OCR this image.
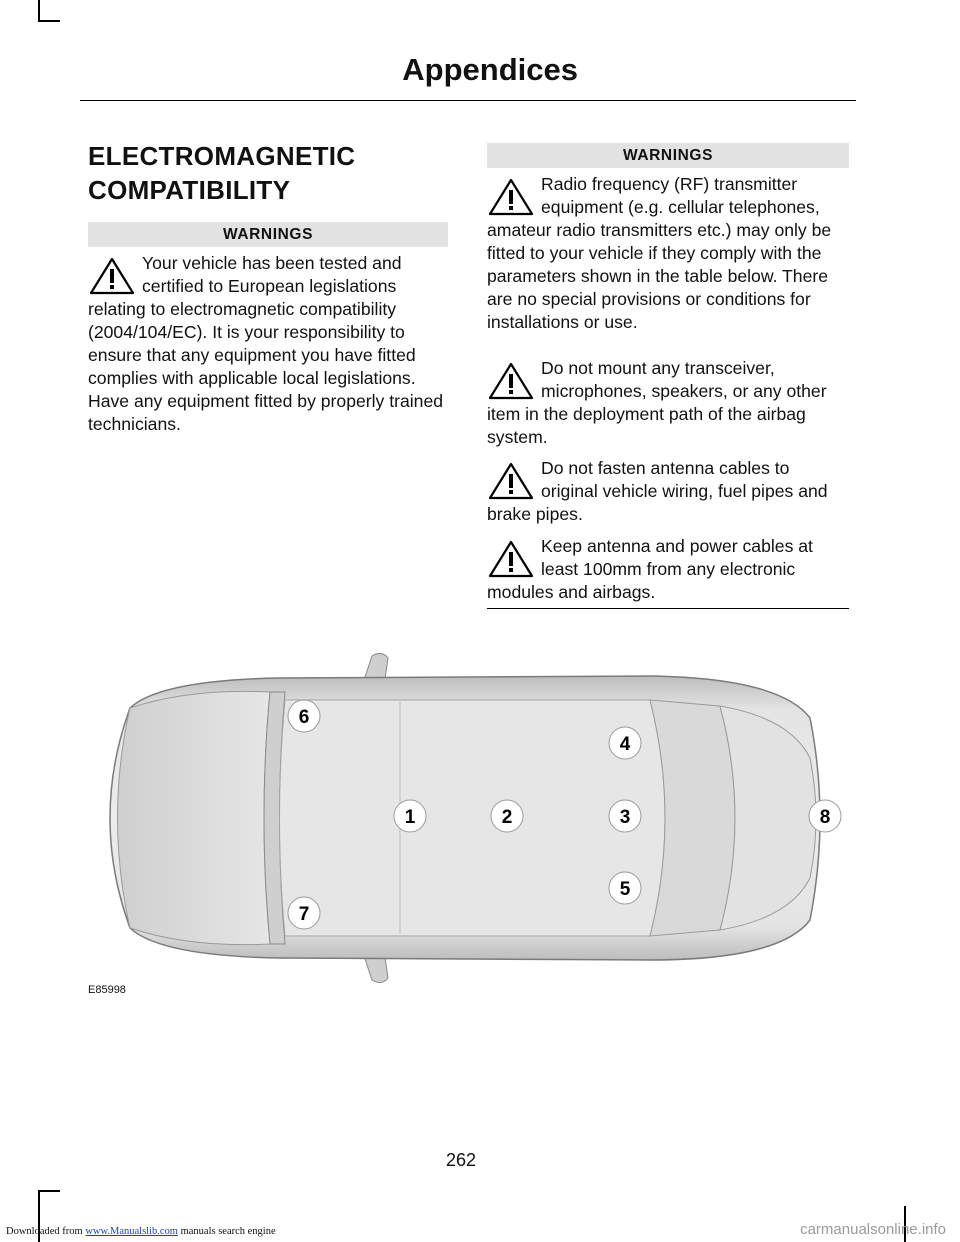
Appendices
ELECTROMAGNETIC
COMPATIBILITY
WARNINGS

Your vehicle has been tested and certified to European legislations relating to electromagnetic compatibility (2004/104/EC). It is your responsibility to ensure that any equipment you have fitted complies with applicable local legislations. Have any equipment fitted by properly trained technicians.

WARNINGS

Radio frequency (RF) transmitter equipment (e.g. cellular telephones, amateur radio transmitters etc.) may only be fitted to your vehicle if they comply with the parameters shown in the table below. There are no special provisions or conditions for installations or use.

Do not mount any transceiver, microphones, speakers, or any other item in the deployment path of the airbag system.

Do not fasten antenna cables to original vehicle wiring, fuel pipes and brake pipes.

Keep antenna and power cables at least 100mm from any electronic modules and airbags.

6
4
1	2	3	8
5
7
E85998
262
Downloaded from www.Manualslib.com manuals search engine	carmanualsonline.info
